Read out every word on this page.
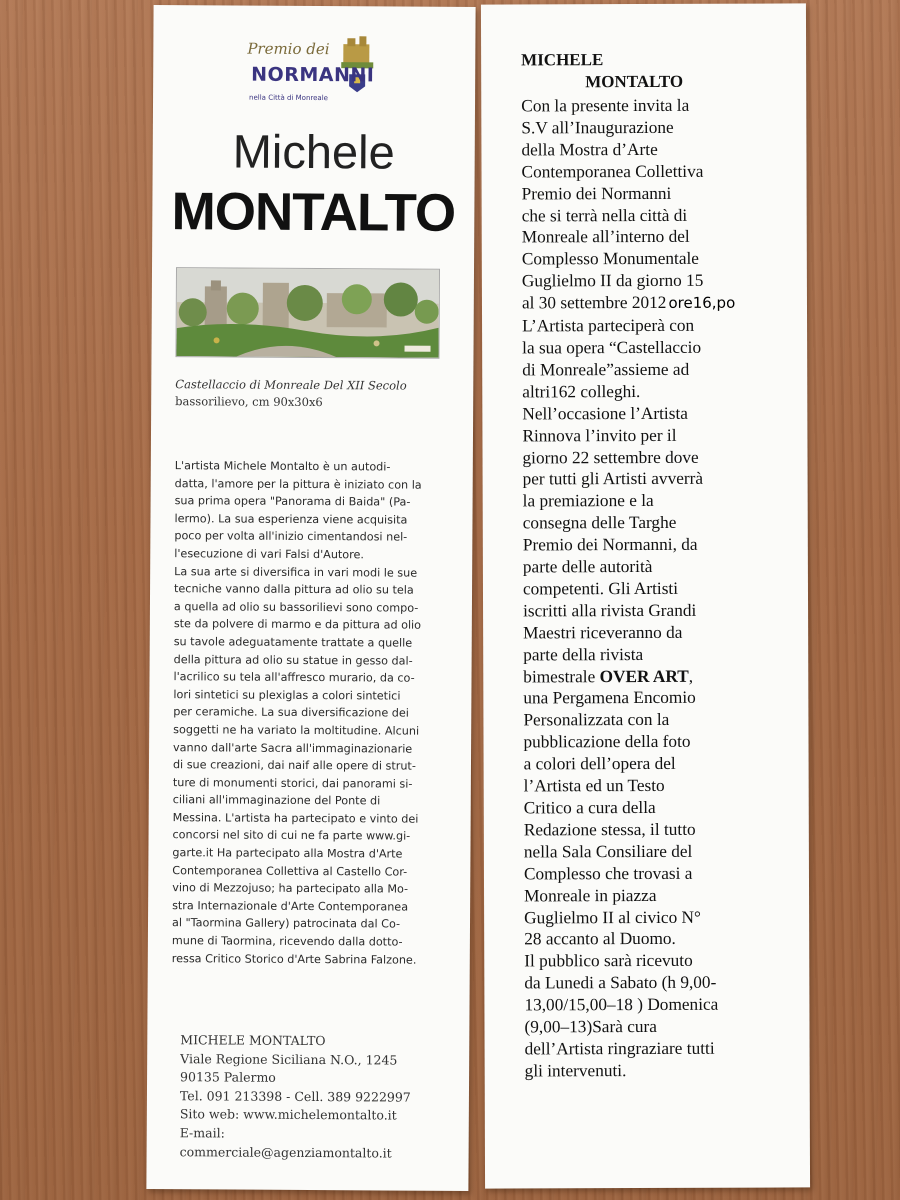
Premio dei
NORMANNI
nella Città di Monreale
Michele
MONTALTO
Castellaccio di Monreale Del XII Secolo
bassorilievo, cm 90x30x6
L'artista Michele Montalto è un autodi-
datta, l'amore per la pittura è iniziato con la
sua prima opera "Panorama di Baida" (Pa-
lermo). La sua esperienza viene acquisita
poco per volta all'inizio cimentandosi nel-
l'esecuzione di vari Falsi d'Autore.
La sua arte si diversifica in vari modi le sue
tecniche vanno dalla pittura ad olio su tela
a quella ad olio su bassorilievi sono compo-
ste da polvere di marmo e da pittura ad olio
su tavole adeguatamente trattate a quelle
della pittura ad olio su statue in gesso dal-
l'acrilico su tela all'affresco murario, da co-
lori sintetici su plexiglas a colori sintetici
per ceramiche. La sua diversificazione dei
soggetti ne ha variato la moltitudine. Alcuni
vanno dall'arte Sacra all'immaginazionarie
di sue creazioni, dai naif alle opere di strut-
ture di monumenti storici, dai panorami si-
ciliani all'immaginazione del Ponte di
Messina. L'artista ha partecipato e vinto dei
concorsi nel sito di cui ne fa parte www.gi-
garte.it Ha partecipato alla Mostra d'Arte
Contemporanea Collettiva al Castello Cor-
vino di Mezzojuso; ha partecipato alla Mo-
stra Internazionale d'Arte Contemporanea
al "Taormina Gallery) patrocinata dal Co-
mune di Taormina, ricevendo dalla dotto-
ressa Critico Storico d'Arte Sabrina Falzone.
MICHELE MONTALTO
Viale Regione Siciliana N.O., 1245
90135 Palermo
Tel. 091 213398 - Cell. 389 9222997
Sito web: www.michelemontalto.it
E-mail:
commerciale@agenziamontalto.it
MICHELE
MONTALTO
Con la presente invita la
S.V all’Inaugurazione
della Mostra d’Arte
Contemporanea Collettiva
Premio dei Normanni
che si terrà nella città di
Monreale all’interno del
Complesso Monumentale
Guglielmo II da giorno 15
al 30 settembre 2012 ore16,po
L’Artista parteciperà con
la sua opera “Castellaccio
di Monreale”assieme ad
altri162 colleghi.
Nell’occasione l’Artista
Rinnova l’invito per il
giorno 22 settembre dove
per tutti gli Artisti avverrà
la premiazione e la
consegna delle Targhe
Premio dei Normanni, da
parte delle autorità
competenti. Gli Artisti
iscritti alla rivista Grandi
Maestri riceveranno da
parte della rivista
bimestrale OVER ART,
una Pergamena Encomio
Personalizzata con la
pubblicazione della foto
a colori dell’opera del
l’Artista ed un Testo
Critico a cura della
Redazione stessa, il tutto
nella Sala Consiliare del
Complesso che trovasi a
Monreale in piazza
Guglielmo II al civico N°
28 accanto al Duomo.
Il pubblico sarà ricevuto
da Lunedi a Sabato (h 9,00-
13,00/15,00–18 ) Domenica
(9,00–13)Sarà cura
dell’Artista ringraziare tutti
gli intervenuti.
